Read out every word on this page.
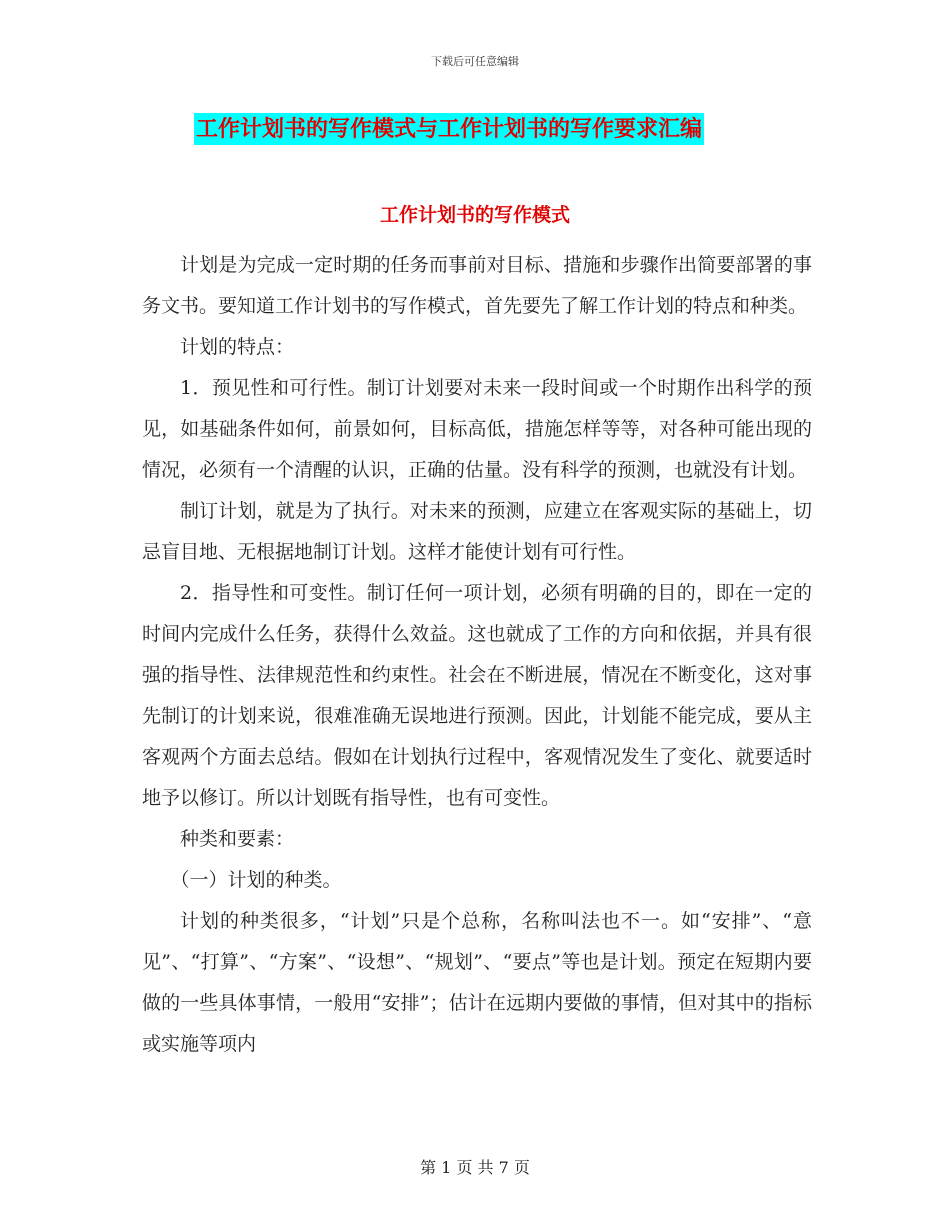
下载后可任意编辑
工作计划书的写作模式与工作计划书的写作要求汇编
工作计划书的写作模式

计划是为完成一定时期的任务而事前对目标、措施和步骤作出简要部署的事务文书。要知道工作计划书的写作模式，首先要先了解工作计划的特点和种类。

计划的特点：

1．预见性和可行性。制订计划要对未来一段时间或一个时期作出科学的预见，如基础条件如何，前景如何，目标高低，措施怎样等等，对各种可能出现的情况，必须有一个清醒的认识，正确的估量。没有科学的预测，也就没有计划。

制订计划，就是为了执行。对未来的预测，应建立在客观实际的基础上，切忌盲目地、无根据地制订计划。这样才能使计划有可行性。

2．指导性和可变性。制订任何一项计划，必须有明确的目的，即在一定的时间内完成什么任务，获得什么效益。这也就成了工作的方向和依据，并具有很强的指导性、法律规范性和约束性。社会在不断进展，情况在不断变化，这对事先制订的计划来说，很难准确无误地进行预测。因此，计划能不能完成，要从主客观两个方面去总结。假如在计划执行过程中，客观情况发生了变化、就要适时地予以修订。所以计划既有指导性，也有可变性。

种类和要素：

（一）计划的种类。

计划的种类很多，“计划”只是个总称，名称叫法也不一。如“安排”、“意见”、“打算”、“方案”、“设想”、“规划”、“要点”等也是计划。预定在短期内要做的一些具体事情，一般用“安排”；估计在远期内要做的事情，但对其中的指标或实施等项内

第 1 页 共 7 页
